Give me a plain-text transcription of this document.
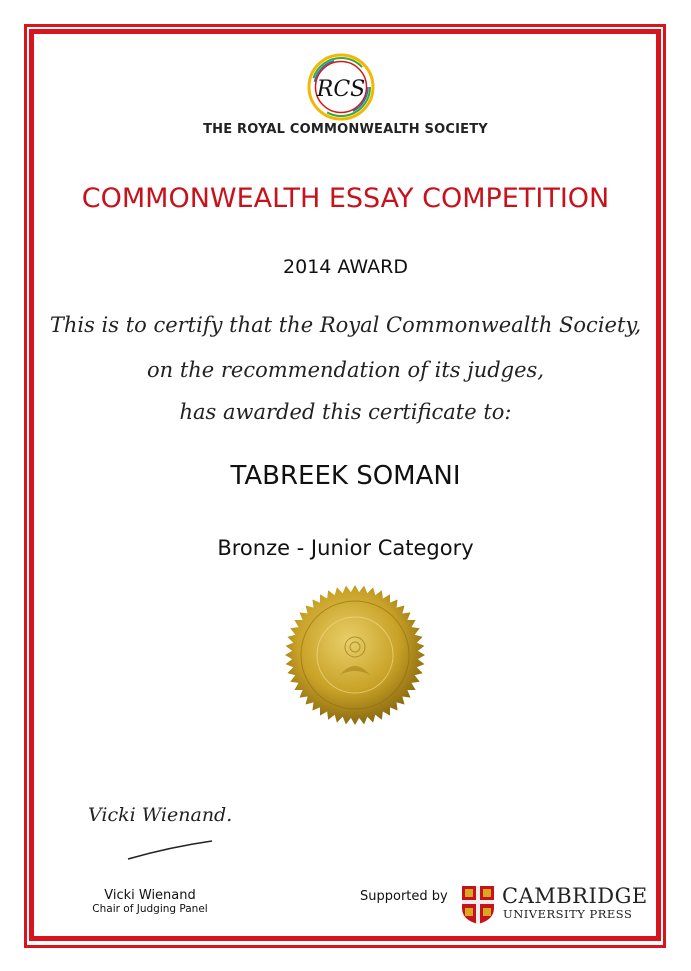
RCS
THE ROYAL COMMONWEALTH SOCIETY
COMMONWEALTH ESSAY COMPETITION
2014 AWARD
This is to certify that the Royal Commonwealth Society,
on the recommendation of its judges,
has awarded this certificate to:
TABREEK SOMANI
Bronze - Junior Category
Vicki Wienand.
Vicki Wienand
Chair of Judging Panel
Supported by	CAMBRIDGE
UNIVERSITY PRESS
